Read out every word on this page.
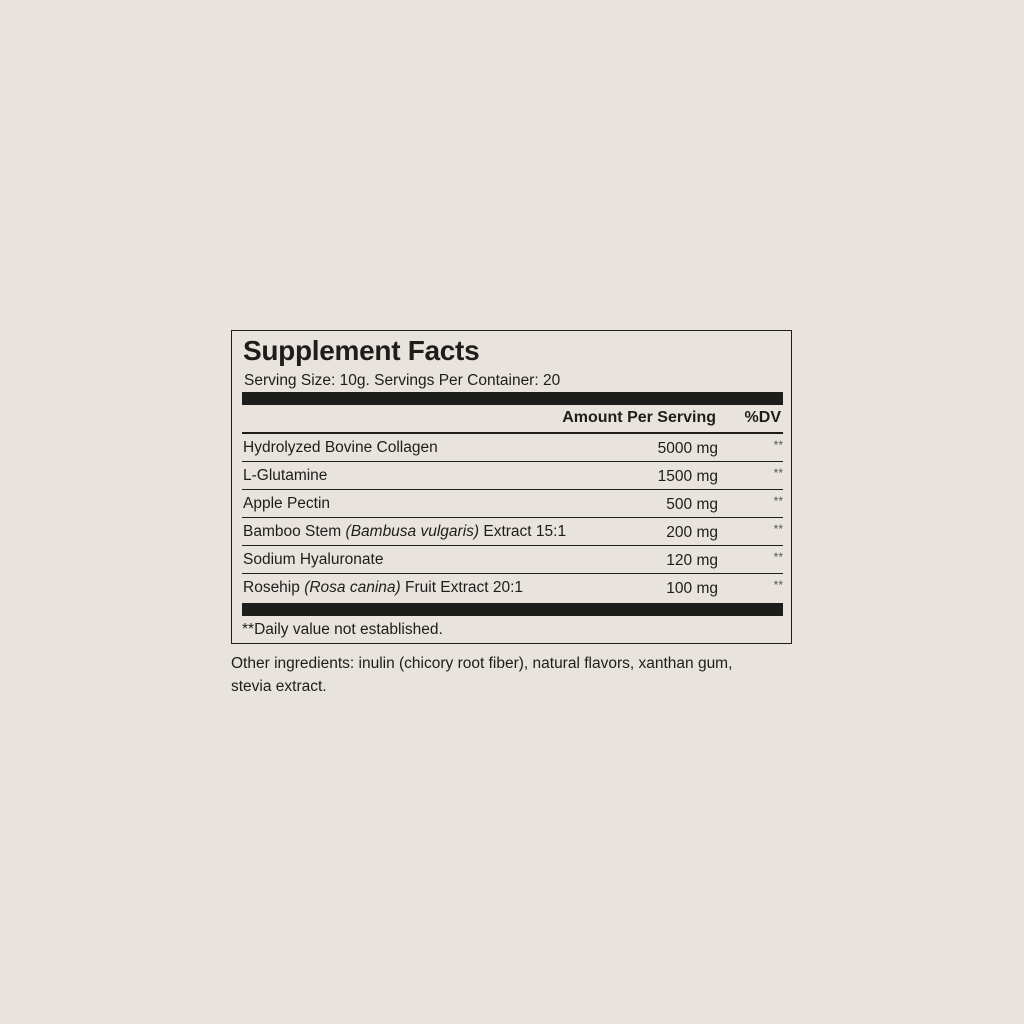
Supplement Facts
Serving Size: 10g. Servings Per Container: 20
Amount Per Serving %DV
Hydrolyzed Bovine Collagen	5000 mg	**
L-Glutamine	1500 mg	**
Apple Pectin	500 mg	**
Bamboo Stem (Bambusa vulgaris) Extract 15:1	200 mg	**
Sodium Hyaluronate	120 mg	**
Rosehip (Rosa canina) Fruit Extract 20:1	100 mg	**
**Daily value not established.
Other ingredients: inulin (chicory root fiber), natural flavors, xanthan gum, stevia extract.
